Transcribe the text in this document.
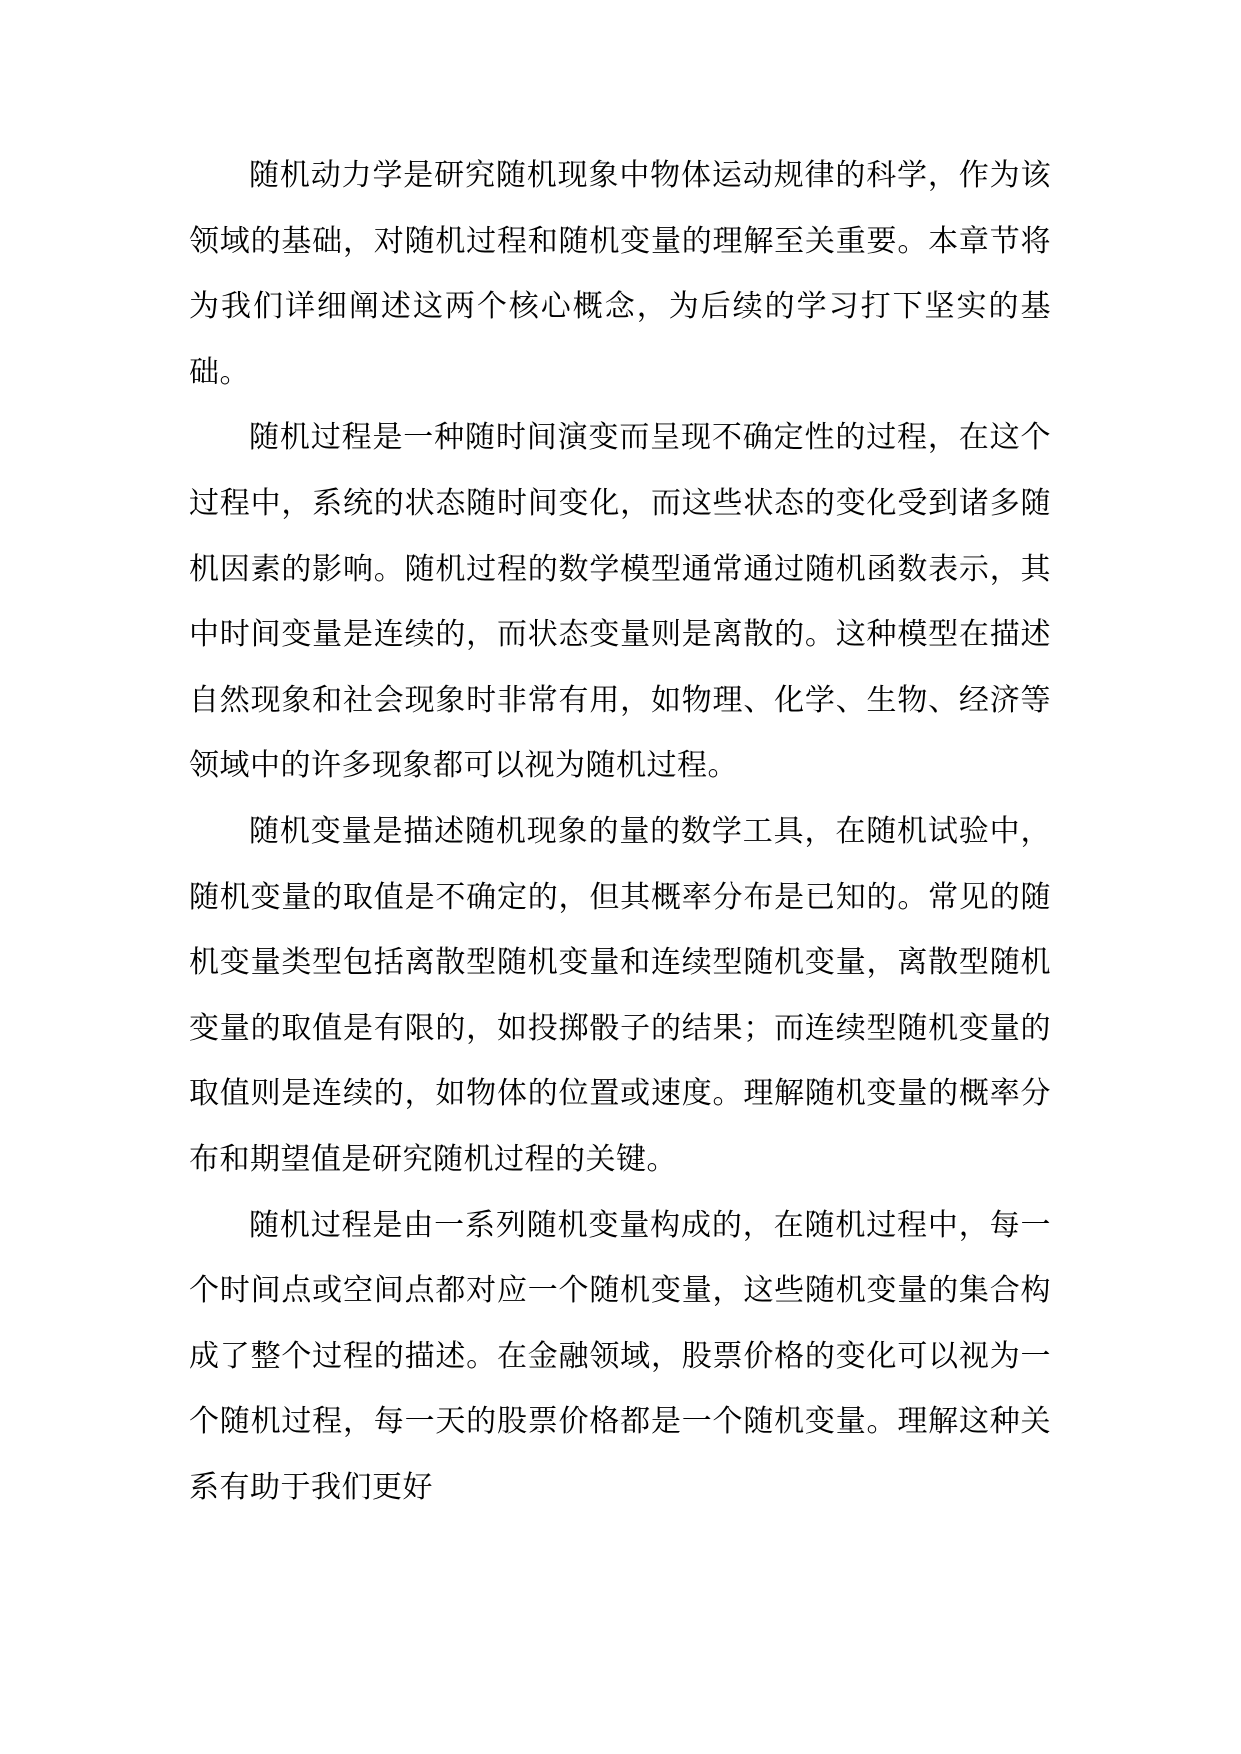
随机动力学是研究随机现象中物体运动规律的科学，作为该领域的基础，对随机过程和随机变量的理解至关重要。本章节将为我们详细阐述这两个核心概念，为后续的学习打下坚实的基础。

随机过程是一种随时间演变而呈现不确定性的过程，在这个过程中，系统的状态随时间变化，而这些状态的变化受到诸多随机因素的影响。随机过程的数学模型通常通过随机函数表示，其中时间变量是连续的，而状态变量则是离散的。这种模型在描述自然现象和社会现象时非常有用，如物理、化学、生物、经济等领域中的许多现象都可以视为随机过程。

随机变量是描述随机现象的量的数学工具，在随机试验中，随机变量的取值是不确定的，但其概率分布是已知的。常见的随机变量类型包括离散型随机变量和连续型随机变量，离散型随机变量的取值是有限的，如投掷骰子的结果；而连续型随机变量的取值则是连续的，如物体的位置或速度。理解随机变量的概率分布和期望值是研究随机过程的关键。

随机过程是由一系列随机变量构成的，在随机过程中，每一个时间点或空间点都对应一个随机变量，这些随机变量的集合构成了整个过程的描述。在金融领域，股票价格的变化可以视为一个随机过程，每一天的股票价格都是一个随机变量。理解这种关系有助于我们更好
